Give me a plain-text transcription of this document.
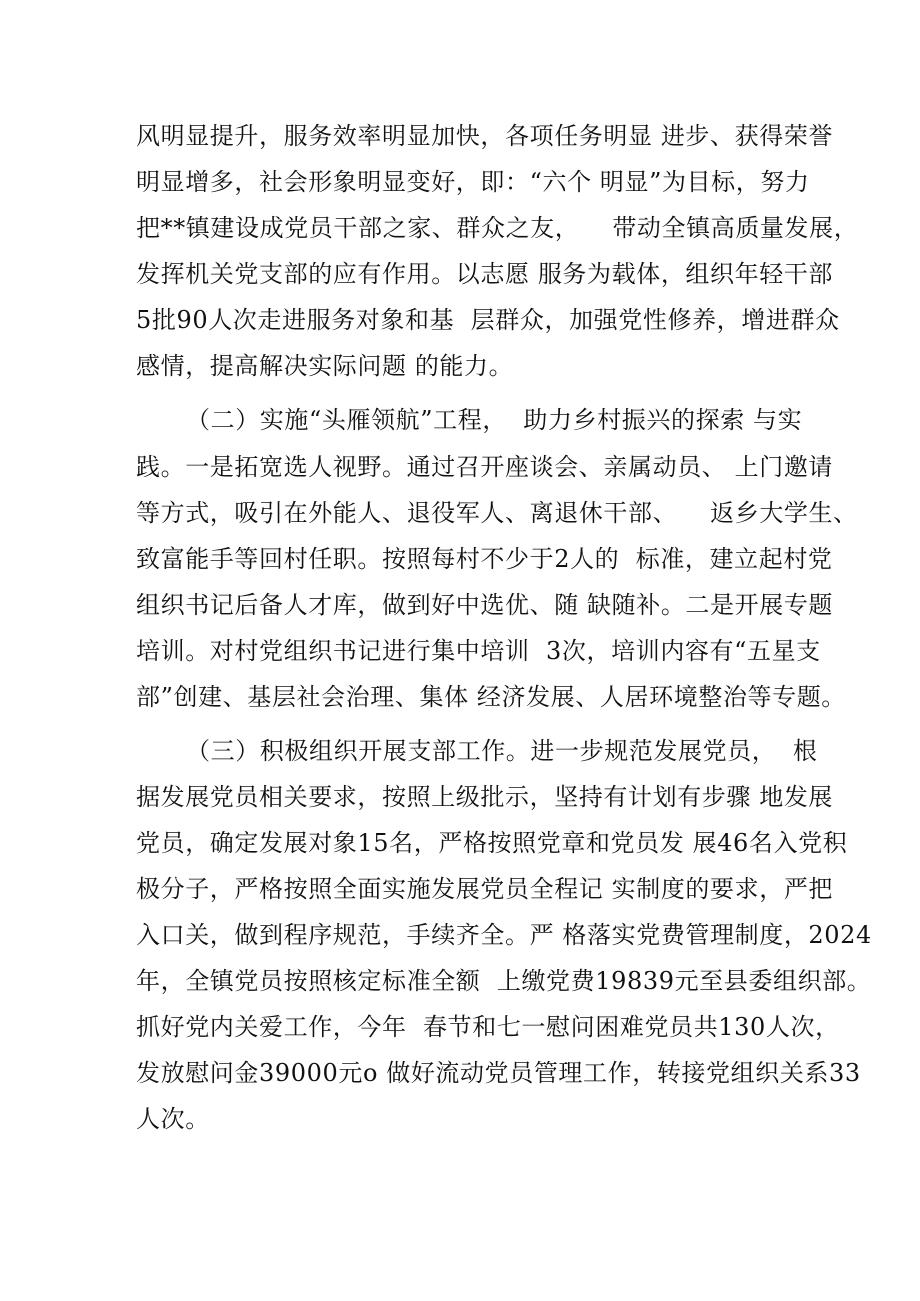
风明显提升，服务效率明显加快，各项任务明显 进步、获得荣誉
明显增多，社会形象明显变好，即：“六个 明显”为目标，努力
把**镇建设成党员干部之家、群众之友，    带动全镇高质量发展，
发挥机关党支部的应有作用。以志愿 服务为载体，组织年轻干部
5批90人次走进服务对象和基  层群众，加强党性修养，增进群众
感情，提高解决实际问题 的能力。
（二）实施“头雁领航”工程，  助力乡村振兴的探索 与实
践。一是拓宽选人视野。通过召开座谈会、亲属动员、 上门邀请
等方式，吸引在外能人、退役军人、离退休干部、    返乡大学生、
致富能手等回村任职。按照每村不少于2人的  标准，建立起村党
组织书记后备人才库，做到好中选优、随 缺随补。二是开展专题
培训。对村党组织书记进行集中培训  3次，培训内容有“五星支
部”创建、基层社会治理、集体 经济发展、人居环境整治等专题。
（三）积极组织开展支部工作。进一步规范发展党员，  根
据发展党员相关要求，按照上级批示，坚持有计划有步骤 地发展
党员，确定发展对象15名，严格按照党章和党员发 展46名入党积
极分子，严格按照全面实施发展党员全程记 实制度的要求，严把
入口关，做到程序规范，手续齐全。严 格落实党费管理制度，2024
年，全镇党员按照核定标准全额  上缴党费19839元至县委组织部。
抓好党内关爱工作，今年  春节和七一慰问困难党员共130人次，
发放慰问金39000元o 做好流动党员管理工作，转接党组织关系33
人次。
